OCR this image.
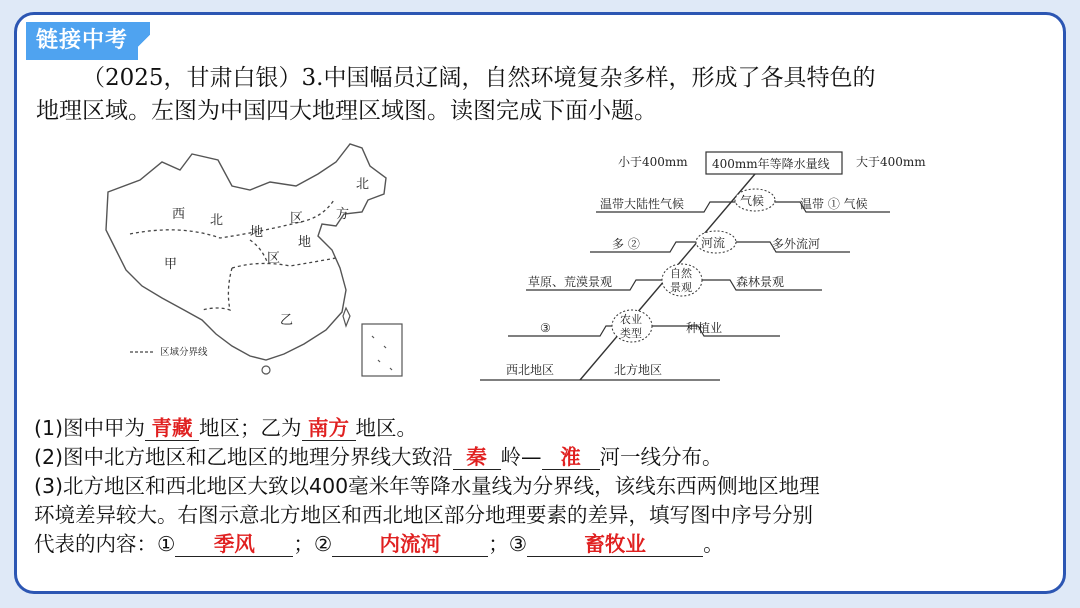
链接中考
（2025，甘肃白银）3.中国幅员辽阔，自然环境复杂多样，形成了各具特色的
地理区域。左图为中国四大地理区域图。读图完成下面小题。
区域分界线
西 北	区
地
北
方
地
区
甲
乙
小于400mm 400mm年等降水量线 大于400mm
气候
温带大陆性气候	温带 ① 气候
河流
多 ②	多外流河
自然
景观
草原、荒漠景观	森林景观
农业
类型
③	种植业
西北地区	北方地区
(1)图中甲为 青藏 地区；乙为 南方 地区。
(2)图中北方地区和乙地区的地理分界线大致沿 秦 岭— 淮 河一线分布。
(3)北方地区和西北地区大致以400毫米年等降水量线为分界线，该线东西两侧地区地理
环境差异较大。右图示意北方地区和西北地区部分地理要素的差异，填写图中序号分别
代表的内容：① 季风 ；② 内流河 ；③	畜牧业	。
